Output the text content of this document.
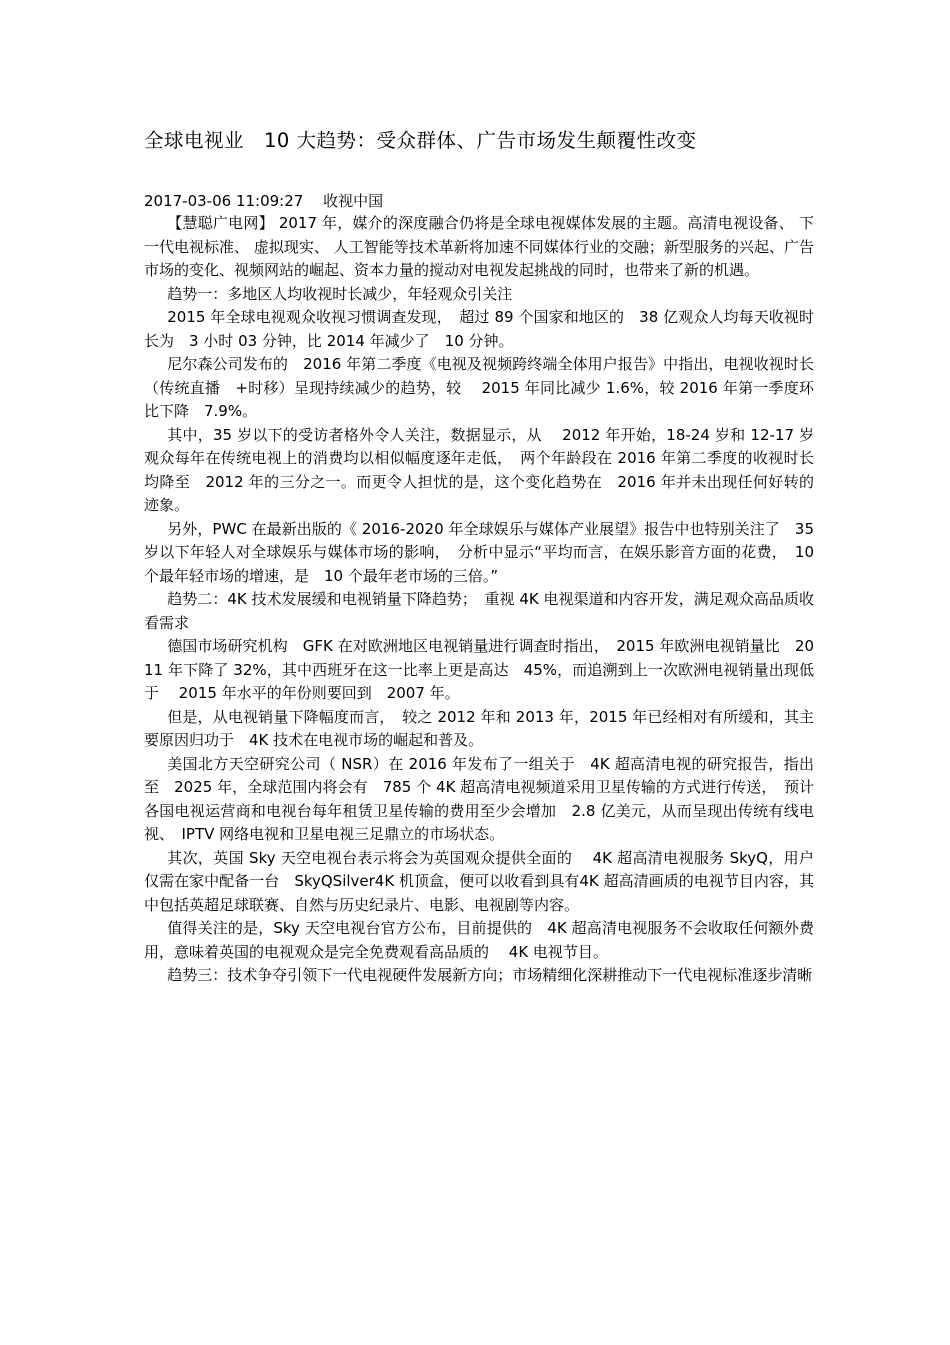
全球电视业　10 大趋势：受众群体、广告市场发生颠覆性改变
2017-03-06 11:09:27　 收视中国

【慧聪广电网】 2017 年，媒介的深度融合仍将是全球电视媒体发展的主题。高清电视设备、 下一代电视标准、 虚拟现实、 人工智能等技术革新将加速不同媒体行业的交融；新型服务的兴起、广告市场的变化、视频网站的崛起、资本力量的搅动对电视发起挑战的同时，也带来了新的机遇。

趋势一：多地区人均收视时长减少，年轻观众引关注

2015 年全球电视观众收视习惯调查发现，　超过 89 个国家和地区的　38 亿观众人均每天收视时长为　3 小时 03 分钟，比 2014 年减少了　10 分钟。

尼尔森公司发布的　2016 年第二季度《电视及视频跨终端全体用户报告》中指出，电视收视时长（传统直播　+时移）呈现持续减少的趋势，较　 2015 年同比减少 1.6%，较 2016 年第一季度环比下降　7.9%。

其中，35 岁以下的受访者格外令人关注，数据显示，从　 2012 年开始，18-24 岁和 12-17 岁观众每年在传统电视上的消费均以相似幅度逐年走低，　两个年龄段在 2016 年第二季度的收视时长均降至　2012 年的三分之一。而更令人担忧的是，这个变化趋势在　2016 年并未出现任何好转的迹象。

另外，PWC 在最新出版的《 2016-2020 年全球娱乐与媒体产业展望》报告中也特别关注了　35 岁以下年轻人对全球娱乐与媒体市场的影响，　分析中显示“平均而言，在娱乐影音方面的花费，　10 个最年轻市场的增速，是　10 个最年老市场的三倍。”

趋势二：4K 技术发展缓和电视销量下降趋势；　重视 4K 电视渠道和内容开发，满足观众高品质收看需求

德国市场研究机构　GFK 在对欧洲地区电视销量进行调查时指出，　2015 年欧洲电视销量比　2011 年下降了 32%，其中西班牙在这一比率上更是高达　45%，而追溯到上一次欧洲电视销量出现低于　 2015 年水平的年份则要回到　2007 年。

但是，从电视销量下降幅度而言，　较之 2012 年和 2013 年，2015 年已经相对有所缓和，其主要原因归功于　4K 技术在电视市场的崛起和普及。

美国北方天空研究公司（ NSR）在 2016 年发布了一组关于　4K 超高清电视的研究报告，指出至　2025 年，全球范围内将会有　785 个 4K 超高清电视频道采用卫星传输的方式进行传送，　预计各国电视运营商和电视台每年租赁卫星传输的费用至少会增加　2.8 亿美元，从而呈现出传统有线电视、　IPTV 网络电视和卫星电视三足鼎立的市场状态。

其次，英国 Sky 天空电视台表示将会为英国观众提供全面的　 4K 超高清电视服务 SkyQ，用户仅需在家中配备一台　SkyQSilver4K 机顶盒，便可以收看到具有4K 超高清画质的电视节目内容，其中包括英超足球联赛、自然与历史纪录片、电影、电视剧等内容。

值得关注的是，Sky 天空电视台官方公布，目前提供的　4K 超高清电视服务不会收取任何额外费用，意味着英国的电视观众是完全免费观看高品质的　 4K 电视节目。

趋势三：技术争夺引领下一代电视硬件发展新方向；市场精细化深耕推动下一代电视标准逐步清晰
